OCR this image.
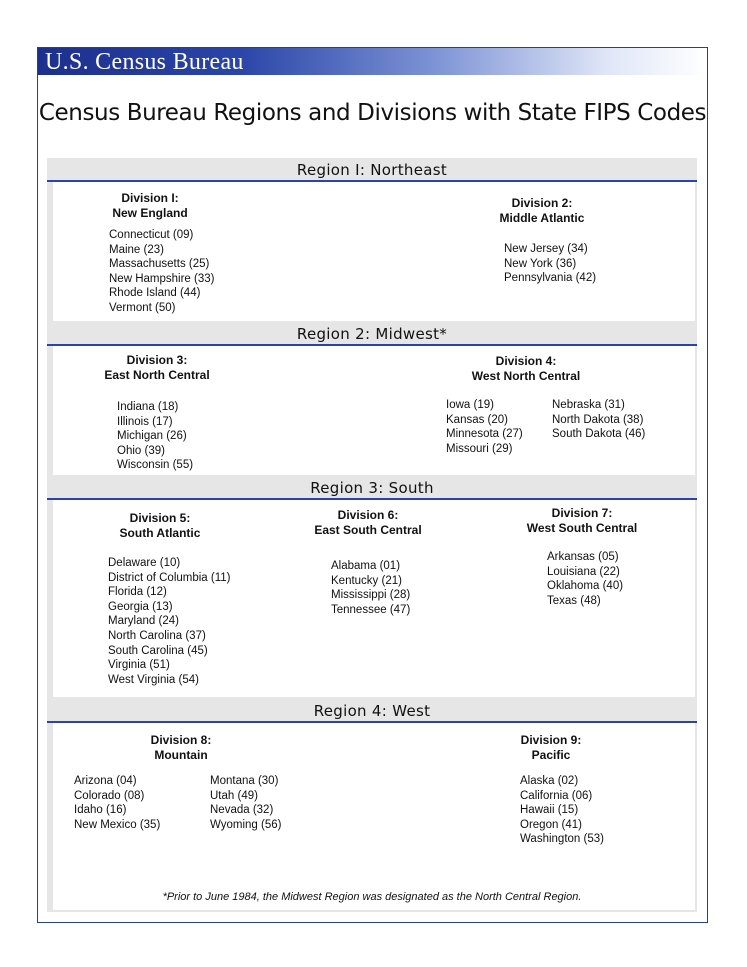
U.S. Census Bureau
Census Bureau Regions and Divisions with State FIPS Codes
Region I: Northeast
Region 2: Midwest*
Region 3: South
Region 4: West
Division I:
New England
Connecticut (09)
Maine (23)
Massachusetts (25)
New Hampshire (33)
Rhode Island (44)
Vermont (50)
Division 2:
Middle Atlantic
New Jersey (34)
New York (36)
Pennsylvania (42)
Division 3:
East North Central
Indiana (18)
Illinois (17)
Michigan (26)
Ohio (39)
Wisconsin (55)
Division 4:
West North Central
Iowa (19)
Kansas (20)
Minnesota (27)
Missouri (29)
Nebraska (31)
North Dakota (38)
South Dakota (46)
Division 5:
South Atlantic
Delaware (10)
District of Columbia (11)
Florida (12)
Georgia (13)
Maryland (24)
North Carolina (37)
South Carolina (45)
Virginia (51)
West Virginia (54)
Division 6:
East South Central
Alabama (01)
Kentucky (21)
Mississippi (28)
Tennessee (47)
Division 7:
West South Central
Arkansas (05)
Louisiana (22)
Oklahoma (40)
Texas (48)
Division 8:
Mountain
Arizona (04)
Colorado (08)
Idaho (16)
New Mexico (35)
Montana (30)
Utah (49)
Nevada (32)
Wyoming (56)
Division 9:
Pacific
Alaska (02)
California (06)
Hawaii (15)
Oregon (41)
Washington (53)
*Prior to June 1984, the Midwest Region was designated as the North Central Region.
